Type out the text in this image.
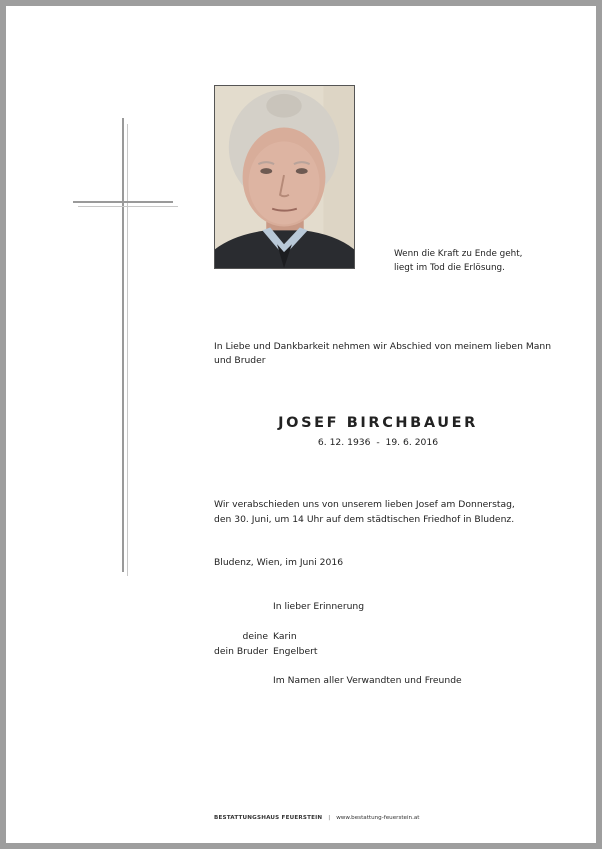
Wenn die Kraft zu Ende geht,
liegt im Tod die Erlösung.
In Liebe und Dankbarkeit nehmen wir Abschied von meinem lieben Mann
und Bruder
JOSEF BIRCHBAUER
6. 12. 1936  -  19. 6. 2016
Wir verabschieden uns von unserem lieben Josef am Donnerstag,
den 30. Juni, um 14 Uhr auf dem städtischen Friedhof in Bludenz.
Bludenz, Wien, im Juni 2016
In lieber Erinnerung
deine Karin
dein Bruder Engelbert
Im Namen aller Verwandten und Freunde
BESTATTUNGSHAUS FEUERSTEIN | www.bestattung-feuerstein.at
